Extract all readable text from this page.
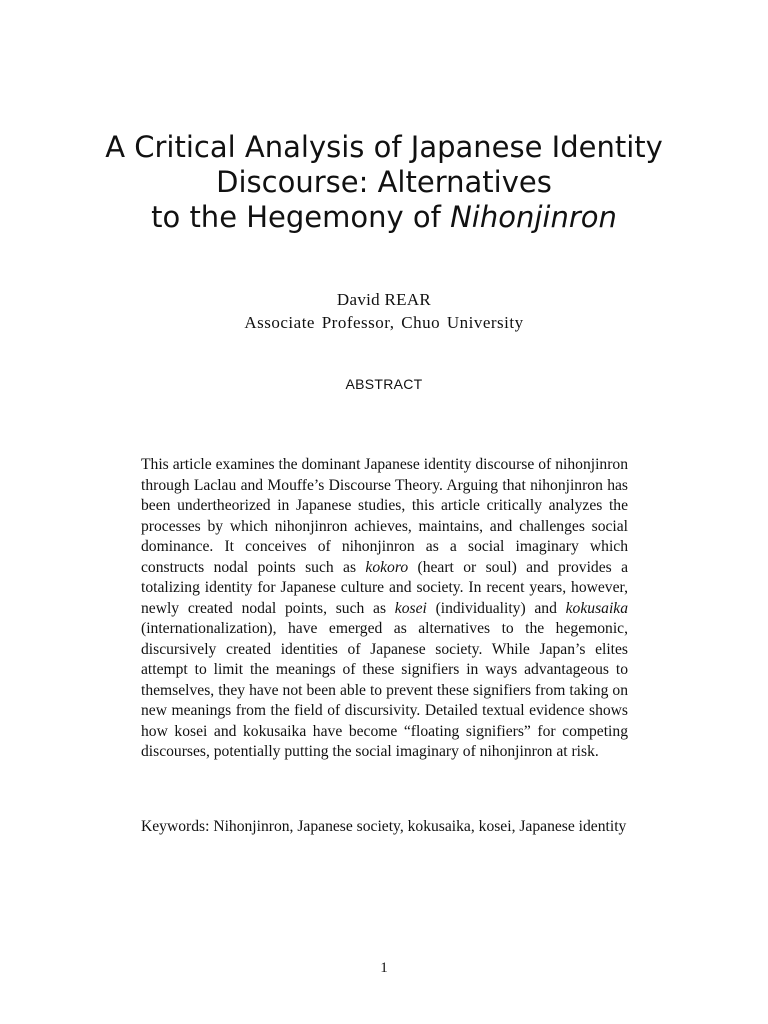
A Critical Analysis of Japanese Identity
Discourse: Alternatives
to the Hegemony of Nihonjinron
David REAR
Associate Professor, Chuo University
ABSTRACT

This article examines the dominant Japanese identity discourse of nihonjinron through Laclau and Mouffe’s Discourse Theory. Arguing that nihonjinron has been undertheorized in Japanese studies, this article critically analyzes the processes by which nihonjinron achieves, maintains, and challenges social dominance. It conceives of nihonjinron as a social imaginary which constructs nodal points such as kokoro (heart or soul) and provides a totalizing identity for Japanese culture and society. In recent years, however, newly created nodal points, such as kosei (individuality) and kokusaika (internationalization), have emerged as alternatives to the hegemonic, discursively created identities of Japanese society. While Japan’s elites attempt to limit the meanings of these signifiers in ways advantageous to themselves, they have not been able to prevent these signifiers from taking on new meanings from the field of discursivity. Detailed textual evidence shows how kosei and kokusaika have become “floating signifiers” for competing discourses, potentially putting the social imaginary of nihonjinron at risk.

Keywords: Nihonjinron, Japanese society, kokusaika, kosei, Japanese identity

1
